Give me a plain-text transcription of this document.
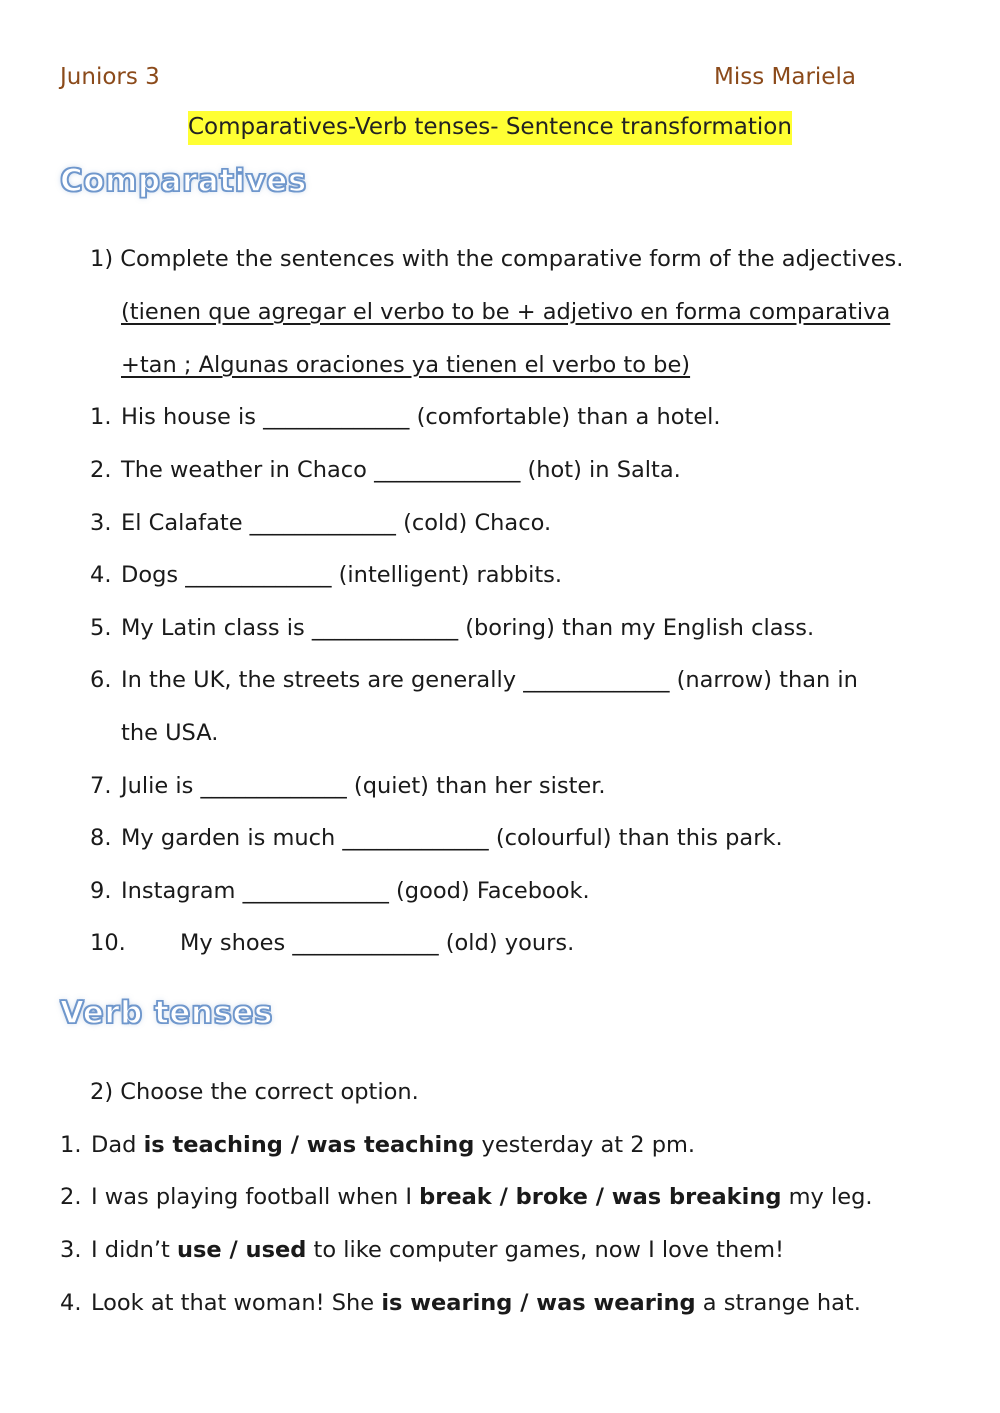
Juniors 3	Miss Mariela
Comparatives-Verb tenses- Sentence transformation
Comparatives
1) Complete the sentences with the comparative form of the adjectives.
(tienen que agregar el verbo to be + adjetivo en forma comparativa
+tan ; Algunas oraciones ya tienen el verbo to be)
1. His house is _____________ (comfortable) than a hotel.
2. The weather in Chaco _____________ (hot) in Salta.
3. El Calafate _____________ (cold) Chaco.
4. Dogs _____________ (intelligent) rabbits.
5. My Latin class is _____________ (boring) than my English class.
6. In the UK, the streets are generally _____________ (narrow) than in
the USA.
7. Julie is _____________ (quiet) than her sister.
8. My garden is much _____________ (colourful) than this park.
9. Instagram _____________ (good) Facebook.
10. My shoes _____________ (old) yours.
Verb tenses
2) Choose the correct option.
1. Dad is teaching / was teaching yesterday at 2 pm.
2. I was playing football when I break / broke / was breaking my leg.
3. I didn’t use / used to like computer games, now I love them!
4. Look at that woman! She is wearing / was wearing a strange hat.
